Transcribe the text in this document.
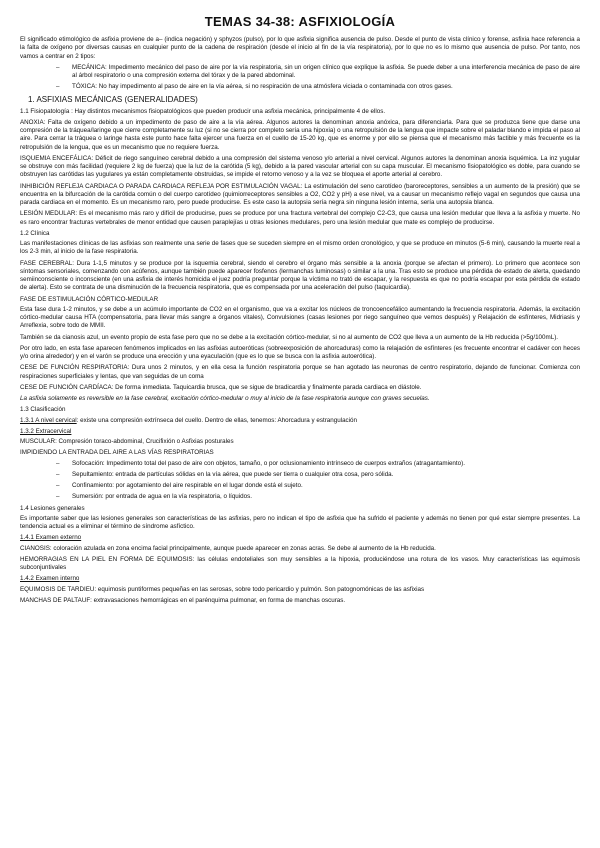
TEMAS 34-38: ASFIXIOLOGÍA

El significado etimológico de asfixia proviene de a– (indica negación) y sphyzos (pulso), por lo que asfixia significa ausencia de pulso. Desde el punto de vista clínico y forense, asfixia hace referencia a la falta de oxígeno por diversas causas en cualquier punto de la cadena de respiración (desde el inicio al fin de la vía respiratoria), por lo que no es lo mismo que ausencia de pulso. Por tanto, nos vamos a centrar en 2 tipos:

– MECÁNICA: Impedimento mecánico del paso de aire por la vía respiratoria, sin un origen clínico que explique la asfixia. Se puede deber a una interferencia mecánica de paso de aire al árbol respiratorio o una compresión externa del tórax y de la pared abdominal.
– TÓXICA: No hay impedimento al paso de aire en la vía aérea, si no respiración de una atmósfera viciada o contaminada con otros gases.
1. ASFIXIAS MECÁNICAS (GENERALIDADES)

1.1 Fisiopatología : Hay distintos mecanismos fisiopatológicos que pueden producir una asfixia mecánica, principalmente 4 de ellos.

ANOXIA: Falta de oxígeno debido a un impedimento de paso de aire a la vía aérea. Algunos autores la denominan anoxia anóxica, para diferenciarla. Para que se produzca tiene que darse una compresión de la tráquea/laringe que cierre completamente su luz (si no se cierra por completo sería una hipoxia) o una retropulsión de la lengua que impacte sobre el paladar blando e impida el paso al aire. Para cerrar la tráquea o laringe hasta este punto hace falta ejercer una fuerza en el cuello de 15-20 kg, que es enorme y por ello se piensa que el mecanismo más factible y más frecuente es la retropulsión de la lengua, que es un mecanismo que no requiere fuerza.

ISQUEMIA ENCEFÁLICA: Déficit de riego sanguíneo cerebral debido a una compresión del sistema venoso y/o arterial a nivel cervical. Algunos autores la denominan anoxia isquémica. La inz yugular se obstruye con más facilidad (requiere 2 kg de fuerza) que la luz de la carótida (5 kg), debido a la pared vascular arterial con su capa muscular. El mecanismo fisiopatológico es doble, para cuando se obstruyen las carótidas las yugulares ya están completamente obstruidas, se impide el retorno venoso y a la vez se bloquea el aporte arterial al cerebro.

INHIBICIÓN REFLEJA CARDIACA O PARADA CARDIACA REFLEJA POR ESTIMULACIÓN VAGAL: La estimulación del seno carotídeo (baroreceptores, sensibles a un aumento de la presión) que se encuentra en la bifurcación de la carótida común o del cuerpo carotídeo (quimiorreceptores sensibles a O2, CO2 y pH) a ese nivel, va a causar un mecanismo reflejo vagal en segundos que causa una parada cardiaca en el momento. Es un mecanismo raro, pero puede producirse. Es este caso la autopsia sería negra sin ninguna lesión interna, sería una autopsia blanca.

LESIÓN MEDULAR: Es el mecanismo más raro y difícil de producirse, pues se produce por una fractura vertebral del complejo C2-C3, que causa una lesión medular que lleva a la asfixia y muerte. No es raro encontrar fracturas vertebrales de menor entidad que causen paraplejías u otras lesiones medulares, pero una lesión medular que mate es complejo de producirse.

1.2 Clínica

Las manifestaciones clínicas de las asfixias son realmente una serie de fases que se suceden siempre en el mismo orden cronológico, y que se produce en minutos (5-6 min), causando la muerte real a los 2-3 min, al inicio de la fase respiratoria.

FASE CEREBRAL: Dura 1-1,5 minutos y se produce por la isquemia cerebral, siendo el cerebro el órgano más sensible a la anoxia (porque se afectan el primero). Lo primero que acontece son síntomas sensoriales, comenzando con acúfenos, aunque también puede aparecer fosfenos (lermanchas luminosas) o similar a la una. Tras esto se produce una pérdida de estado de alerta, quedando semiinconsciente o inconsciente (en una asfixia de interés homicida el juez podría preguntar porque la víctima no trató de escapar, y la respuesta es que no podría escapar por esta pérdida de estado de alerta). Esto se contrata de una disminución de la frecuencia respiratoria, que es compensada por una aceleración del pulso (taquicardia).

FASE DE ESTIMULACIÓN CÓRTICO-MEDULAR

Esta fase dura 1-2 minutos, y se debe a un acúmulo importante de CO2 en el organismo, que va a excitar los núcleos de troncoencefálico aumentando la frecuencia respiratoria. Además, la excitación córtico-medular causa HTA (compensatoria, para llevar más sangre a órganos vitales), Convulsiones (casas lesiones por riego sanguíneo que vemos después) y Relajación de esfínteres, Midriasis y Arreflexia, sobre todo de MMII.

También se da cianosis azul, un evento propio de esta fase pero que no se debe a la excitación córtico-medular, si no al aumento de CO2 que lleva a un aumento de la Hb reducida (>5g/100mL).

Por otro lado, en esta fase aparecen fenómenos implicados en las asfixias autoeróticas (sobreexposición de ahorcaduras) como la relajación de esfínteres (es frecuente encontrar el cadáver con heces y/o orina alrededor) y en el varón se produce una erección y una eyaculación (que es lo que se busca con la asfixia autoerótica).

CESE DE FUNCIÓN RESPIRATORIA: Dura unos 2 minutos, y en ella cesa la función respiratoria porque se han agotado las neuronas de centro respiratorio, dejando de funcionar. Comienza con respiraciones superficiales y lentas, que van seguidas de un coma

CESE DE FUNCIÓN CARDÍACA: De forma inmediata. Taquicardia brusca, que se sigue de bradicardia y finalmente parada cardiaca en diástole.

La asfixia solamente es reversible en la fase cerebral, excitación córtico-medular o muy al inicio de la fase respiratoria aunque con graves secuelas.

1.3 Clasificación

1.3.1 A nivel cervical: existe una compresión extrínseca del cuello. Dentro de ellas, tenemos: Ahorcadura y estrangulación

1.3.2 Extracervical

MUSCULAR: Compresión toraco-abdominal, Crucifixión o Asfixias posturales

IMPIDIENDO LA ENTRADA DEL AIRE A LAS VÍAS RESPIRATORIAS
– Sofocación: Impedimento total del paso de aire con objetos, tamaño, o por oclusionamiento intrínseco de cuerpos extraños (atragantamiento).
– Sepultamiento: entrada de partículas sólidas en la vía aérea, que puede ser tierra o cualquier otra cosa, pero sólida.
– Confinamiento: por agotamiento del aire respirable en el lugar donde está el sujeto.
– Sumersión: por entrada de agua en la vía respiratoria, o líquidos.
1.4 Lesiones generales

Es importante saber que las lesiones generales son características de las asfixias, pero no indican el tipo de asfixia que ha sufrido el paciente y además no tienen por qué estar siempre presentes. La tendencia actual es a eliminar el término de síndrome asfíctico.

1.4.1 Examen externo

CIANOSIS: coloración azulada en zona encima facial principalmente, aunque puede aparecer en zonas acras. Se debe al aumento de la Hb reducida.

HEMORRAGIAS EN LA PIEL EN FORMA DE EQUIMOSIS: las células endoteliales son muy sensibles a la hipoxia, produciéndose una rotura de los vasos. Muy características las equimosis subconjuntivales

1.4.2 Examen interno

EQUIMOSIS DE TARDIEU: equimosis puntiformes pequeñas en las serosas, sobre todo pericardio y pulmón. Son patognomónicas de las asfixias

MANCHAS DE PALTAUF: extravasaciones hemorrágicas en el parénquima pulmonar, en forma de manchas oscuras.
